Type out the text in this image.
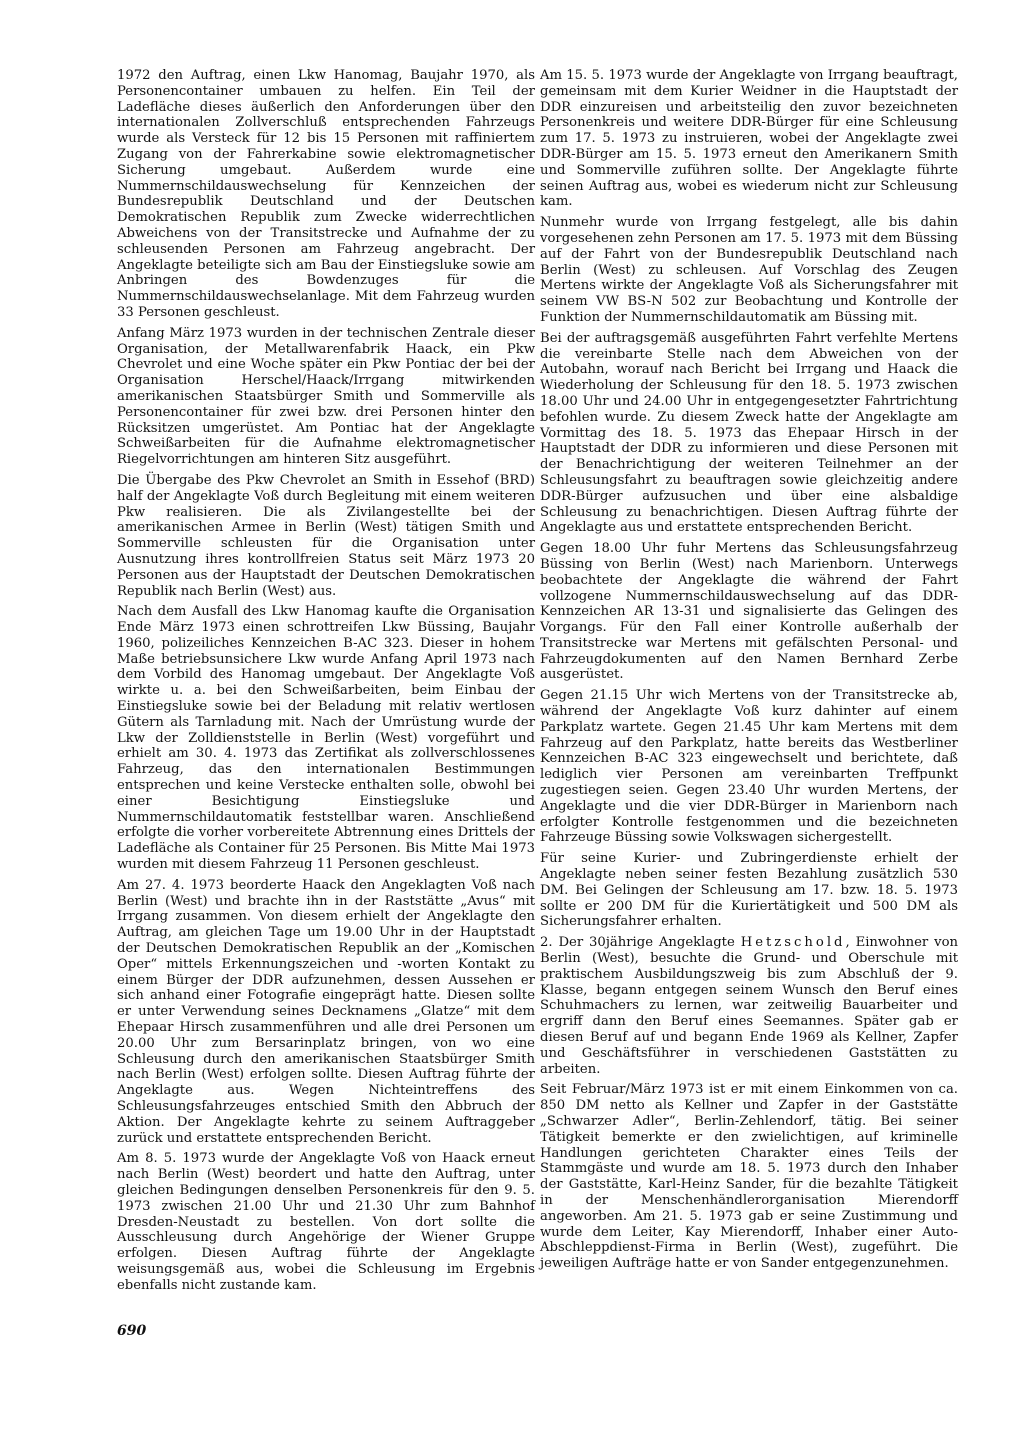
1972 den Auftrag, einen Lkw Hanomag, Baujahr 1970, als Personencontainer umbauen zu helfen. Ein Teil der Ladefläche dieses äußerlich den Anforderungen über den internationalen Zollverschluß entsprechenden Fahrzeugs wurde als Versteck für 12 bis 15 Personen mit raffiniertem Zugang von der Fahrerkabine sowie elektromagnetischer Sicherung umgebaut. Außerdem wurde eine Nummernschildauswechselung für Kennzeichen der Bundesrepublik Deutschland und der Deutschen Demokratischen Republik zum Zwecke widerrechtlichen Abweichens von der Transitstrecke und Aufnahme der zu schleusenden Personen am Fahrzeug angebracht. Der Angeklagte beteiligte sich am Bau der Einstiegsluke sowie am Anbringen des Bowdenzuges für die Nummernschildauswechselanlage. Mit dem Fahrzeug wurden 33 Personen geschleust.

Anfang März 1973 wurden in der technischen Zentrale dieser Organisation, der Metallwarenfabrik Haack, ein Pkw Chevrolet und eine Woche später ein Pkw Pontiac der bei der Organisation Herschel/Haack/Irrgang mitwirkenden amerikanischen Staatsbürger Smith und Sommerville als Personencontainer für zwei bzw. drei Personen hinter den Rücksitzen umgerüstet. Am Pontiac hat der Angeklagte Schweißarbeiten für die Aufnahme elektromagnetischer Riegelvorrichtungen am hinteren Sitz ausgeführt.

Die Übergabe des Pkw Chevrolet an Smith in Essehof (BRD) half der Angeklagte Voß durch Begleitung mit einem weiteren Pkw realisieren. Die als Zivilangestellte bei der amerikanischen Armee in Berlin (West) tätigen Smith und Sommerville schleusten für die Organisation unter Ausnutzung ihres kontrollfreien Status seit März 1973 20 Personen aus der Hauptstadt der Deutschen Demokratischen Republik nach Berlin (West) aus.

Nach dem Ausfall des Lkw Hanomag kaufte die Organisation Ende März 1973 einen schrottreifen Lkw Büssing, Baujahr 1960, polizeiliches Kennzeichen B-AC 323. Dieser in hohem Maße betriebsunsichere Lkw wurde Anfang April 1973 nach dem Vorbild des Hanomag umgebaut. Der Angeklagte Voß wirkte u. a. bei den Schweißarbeiten, beim Einbau der Einstiegsluke sowie bei der Beladung mit relativ wertlosen Gütern als Tarnladung mit. Nach der Umrüstung wurde der Lkw der Zolldienststelle in Berlin (West) vorgeführt und erhielt am 30. 4. 1973 das Zertifikat als zollverschlossenes Fahrzeug, das den internationalen Bestimmungen entsprechen und keine Verstecke enthalten solle, obwohl bei einer Besichtigung Einstiegsluke und Nummernschildautomatik feststellbar waren. Anschließend erfolgte die vorher vorbereitete Abtrennung eines Drittels der Ladefläche als Container für 25 Personen. Bis Mitte Mai 1973 wurden mit diesem Fahrzeug 11 Personen geschleust.

Am 27. 4. 1973 beorderte Haack den Angeklagten Voß nach Berlin (West) und brachte ihn in der Raststätte „Avus“ mit Irrgang zusammen. Von diesem erhielt der Angeklagte den Auftrag, am gleichen Tage um 19.00 Uhr in der Hauptstadt der Deutschen Demokratischen Republik an der „Komischen Oper“ mittels Erkennungszeichen und -worten Kontakt zu einem Bürger der DDR aufzunehmen, dessen Aussehen er sich anhand einer Fotografie eingeprägt hatte. Diesen sollte er unter Verwendung seines Decknamens „Glatze“ mit dem Ehepaar Hirsch zusammenführen und alle drei Personen um 20.00 Uhr zum Bersarinplatz bringen, von wo eine Schleusung durch den amerikanischen Staatsbürger Smith nach Berlin (West) erfolgen sollte. Diesen Auftrag führte der Angeklagte aus. Wegen Nichteintreffens des Schleusungsfahrzeuges entschied Smith den Abbruch der Aktion. Der Angeklagte kehrte zu seinem Auftraggeber zurück und erstattete entsprechenden Bericht.

Am 8. 5. 1973 wurde der Angeklagte Voß von Haack erneut nach Berlin (West) beordert und hatte den Auftrag, unter gleichen Bedingungen denselben Personenkreis für den 9. 5. 1973 zwischen 21.00 Uhr und 21.30 Uhr zum Bahnhof Dresden-Neustadt zu bestellen. Von dort sollte die Ausschleusung durch Angehörige der Wiener Gruppe erfolgen. Diesen Auftrag führte der Angeklagte weisungsgemäß aus, wobei die Schleusung im Ergebnis ebenfalls nicht zustande kam.

Am 15. 5. 1973 wurde der Angeklagte von Irrgang beauftragt, gemeinsam mit dem Kurier Weidner in die Hauptstadt der DDR einzureisen und arbeitsteilig den zuvor bezeichneten Personenkreis und weitere DDR-Bürger für eine Schleusung zum 17. 5. 1973 zu instruieren, wobei der Angeklagte zwei DDR-Bürger am 15. 5. 1973 erneut den Amerikanern Smith und Sommerville zuführen sollte. Der Angeklagte führte seinen Auftrag aus, wobei es wiederum nicht zur Schleusung kam.

Nunmehr wurde von Irrgang festgelegt, alle bis dahin vorgesehenen zehn Personen am 17. 5. 1973 mit dem Büssing auf der Fahrt von der Bundesrepublik Deutschland nach Berlin (West) zu schleusen. Auf Vorschlag des Zeugen Mertens wirkte der Angeklagte Voß als Sicherungsfahrer mit seinem VW BS-N 502 zur Beobachtung und Kontrolle der Funktion der Nummernschildautomatik am Büssing mit.

Bei der auftragsgemäß ausgeführten Fahrt verfehlte Mertens die vereinbarte Stelle nach dem Abweichen von der Autobahn, worauf nach Bericht bei Irrgang und Haack die Wiederholung der Schleusung für den 18. 5. 1973 zwischen 18.00 Uhr und 24.00 Uhr in entgegengesetzter Fahrtrichtung befohlen wurde. Zu diesem Zweck hatte der Angeklagte am Vormittag des 18. 5. 1973 das Ehepaar Hirsch in der Hauptstadt der DDR zu informieren und diese Personen mit der Benachrichtigung der weiteren Teilnehmer an der Schleusungsfahrt zu beauftragen sowie gleichzeitig andere DDR-Bürger aufzusuchen und über eine alsbaldige Schleusung zu benachrichtigen. Diesen Auftrag führte der Angeklagte aus und erstattete entsprechenden Bericht.

Gegen 18.00 Uhr fuhr Mertens das Schleusungsfahrzeug Büssing von Berlin (West) nach Marienborn. Unterwegs beobachtete der Angeklagte die während der Fahrt vollzogene Nummernschildauswechselung auf das DDR-Kennzeichen AR 13-31 und signalisierte das Gelingen des Vorgangs. Für den Fall einer Kontrolle außerhalb der Transitstrecke war Mertens mit gefälschten Personal- und Fahrzeugdokumenten auf den Namen Bernhard Zerbe ausgerüstet.

Gegen 21.15 Uhr wich Mertens von der Transitstrecke ab, während der Angeklagte Voß kurz dahinter auf einem Parkplatz wartete. Gegen 21.45 Uhr kam Mertens mit dem Fahrzeug auf den Parkplatz, hatte bereits das Westberliner Kennzeichen B-AC 323 eingewechselt und berichtete, daß lediglich vier Personen am vereinbarten Treffpunkt zugestiegen seien. Gegen 23.40 Uhr wurden Mertens, der Angeklagte und die vier DDR-Bürger in Marienborn nach erfolgter Kontrolle festgenommen und die bezeichneten Fahrzeuge Büssing sowie Volkswagen sichergestellt.

Für seine Kurier- und Zubringerdienste erhielt der Angeklagte neben seiner festen Bezahlung zusätzlich 530 DM. Bei Gelingen der Schleusung am 17. bzw. 18. 5. 1973 sollte er 200 DM für die Kuriertätigkeit und 500 DM als Sicherungsfahrer erhalten.

2. Der 30jährige Angeklagte Hetzschold, Einwohner von Berlin (West), besuchte die Grund- und Oberschule mit praktischem Ausbildungszweig bis zum Abschluß der 9. Klasse, begann entgegen seinem Wunsch den Beruf eines Schuhmachers zu lernen, war zeitweilig Bauarbeiter und ergriff dann den Beruf eines Seemannes. Später gab er diesen Beruf auf und begann Ende 1969 als Kellner, Zapfer und Geschäftsführer in verschiedenen Gaststätten zu arbeiten.

Seit Februar/März 1973 ist er mit einem Einkommen von ca. 850 DM netto als Kellner und Zapfer in der Gaststätte „Schwarzer Adler“, Berlin-Zehlendorf, tätig. Bei seiner Tätigkeit bemerkte er den zwielichtigen, auf kriminelle Handlungen gerichteten Charakter eines Teils der Stammgäste und wurde am 18. 5. 1973 durch den Inhaber der Gaststätte, Karl-Heinz Sander, für die bezahlte Tätigkeit in der Menschenhändlerorganisation Mierendorff angeworben. Am 21. 5. 1973 gab er seine Zustimmung und wurde dem Leiter, Kay Mierendorff, Inhaber einer Auto-Abschleppdienst-Firma in Berlin (West), zugeführt. Die jeweiligen Aufträge hatte er von Sander entgegenzunehmen.

690
